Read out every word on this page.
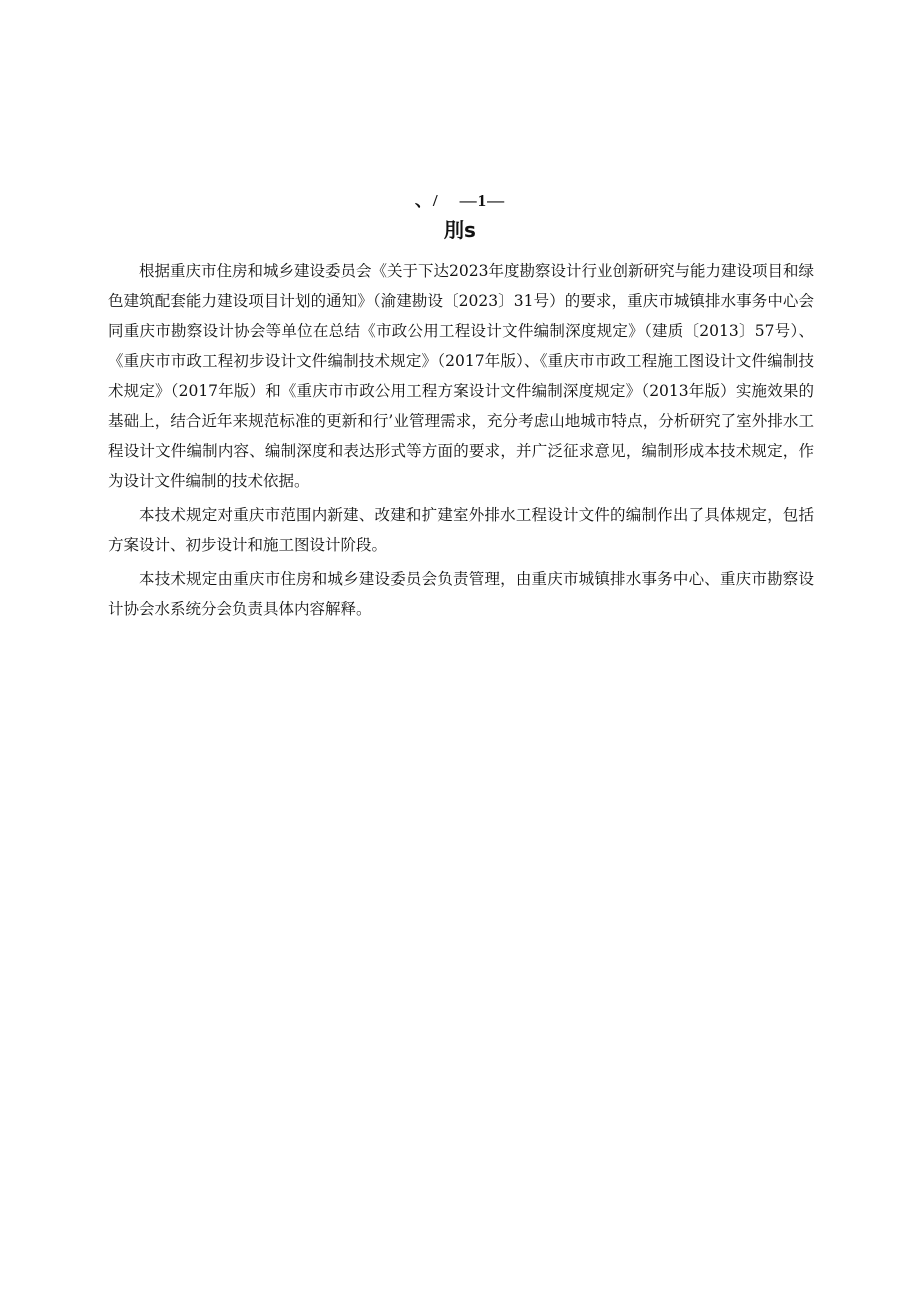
、/    —1—
刖s

根据重庆市住房和城乡建设委员会《关于下达2023年度勘察设计行业创新研究与能力建设项目和绿色建筑配套能力建设项目计划的通知》（渝建勘设〔2023〕31号）的要求，重庆市城镇排水事务中心会同重庆市勘察设计协会等单位在总结《市政公用工程设计文件编制深度规定》（建质〔2013〕57号）、《重庆市市政工程初步设计文件编制技术规定》（2017年版）、《重庆市市政工程施工图设计文件编制技术规定》（2017年版）和《重庆市市政公用工程方案设计文件编制深度规定》（2013年版）实施效果的基础上，结合近年来规范标准的更新和行’业管理需求，充分考虑山地城市特点，分析研究了室外排水工程设计文件编制内容、编制深度和表达形式等方面的要求，并广泛征求意见，编制形成本技术规定，作为设计文件编制的技术依据。

本技术规定对重庆市范围内新建、改建和扩建室外排水工程设计文件的编制作出了具体规定，包括方案设计、初步设计和施工图设计阶段。

本技术规定由重庆市住房和城乡建设委员会负责管理，由重庆市城镇排水事务中心、重庆市勘察设计协会水系统分会负责具体内容解释。
